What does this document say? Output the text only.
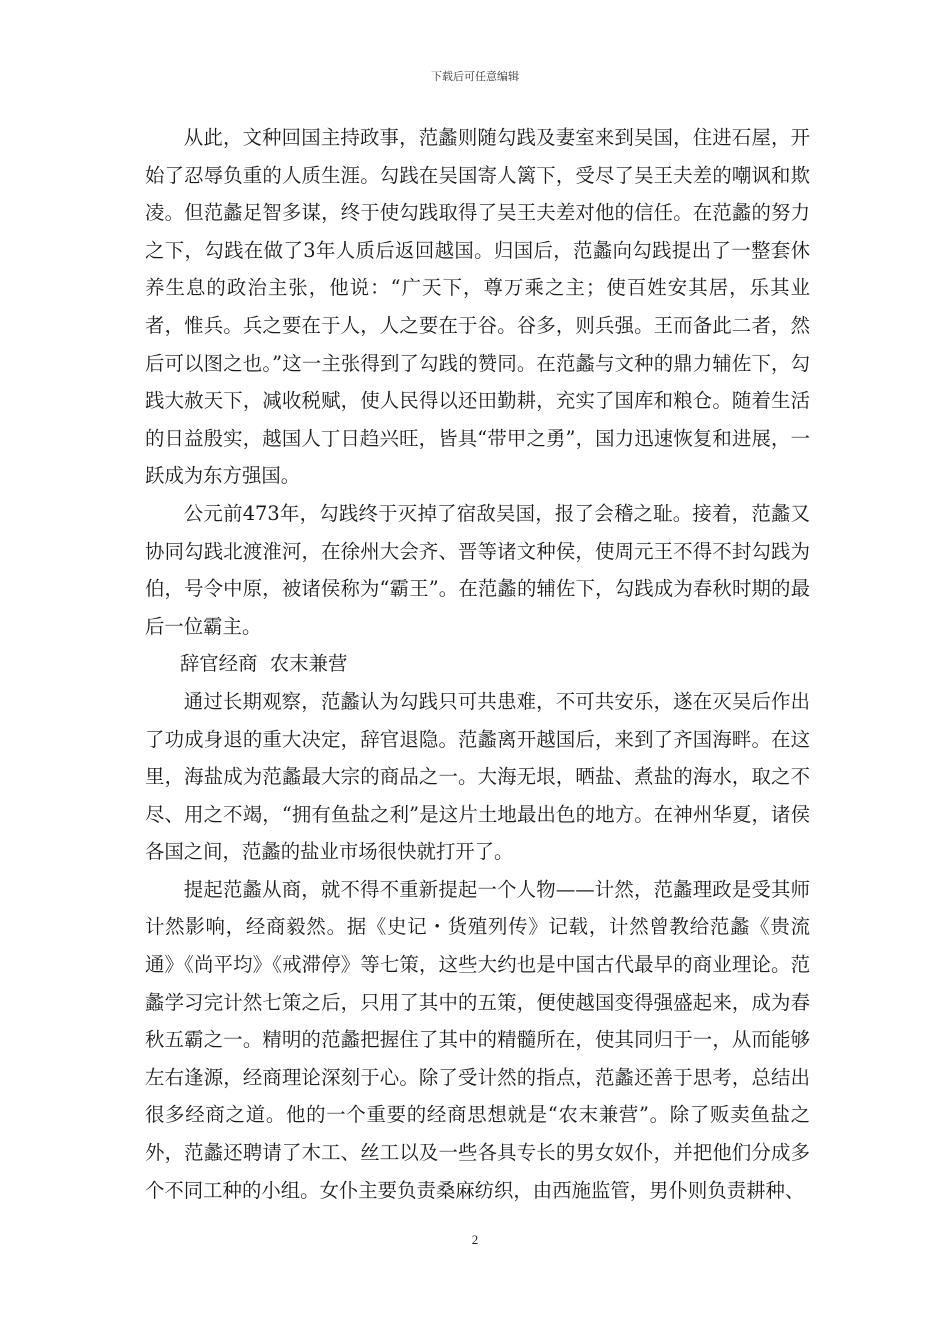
下载后可任意编辑

从此，文种回国主持政事，范蠡则随勾践及妻室来到吴国，住进石屋，开始了忍辱负重的人质生涯。勾践在吴国寄人篱下，受尽了吴王夫差的嘲讽和欺凌。但范蠡足智多谋，终于使勾践取得了吴王夫差对他的信任。在范蠡的努力之下，勾践在做了3年人质后返回越国。归国后，范蠡向勾践提出了一整套休养生息的政治主张，他说：“广天下，尊万乘之主；使百姓安其居，乐其业者，惟兵。兵之要在于人，人之要在于谷。谷多，则兵强。王而备此二者，然后可以图之也。”这一主张得到了勾践的赞同。在范蠡与文种的鼎力辅佐下，勾践大赦天下，减收税赋，使人民得以还田勤耕，充实了国库和粮仓。随着生活的日益殷实，越国人丁日趋兴旺，皆具“带甲之勇”，国力迅速恢复和进展，一跃成为东方强国。

公元前473年，勾践终于灭掉了宿敌吴国，报了会稽之耻。接着，范蠡又协同勾践北渡淮河，在徐州大会齐、晋等诸文种侯，使周元王不得不封勾践为伯，号令中原，被诸侯称为“霸王”。在范蠡的辅佐下，勾践成为春秋时期的最后一位霸主。

辞官经商  农末兼营

通过长期观察，范蠡认为勾践只可共患难，不可共安乐，遂在灭吴后作出了功成身退的重大决定，辞官退隐。范蠡离开越国后，来到了齐国海畔。在这里，海盐成为范蠡最大宗的商品之一。大海无垠，晒盐、煮盐的海水，取之不尽、用之不竭，“拥有鱼盐之利”是这片土地最出色的地方。在神州华夏，诸侯各国之间，范蠡的盐业市场很快就打开了。

提起范蠡从商，就不得不重新提起一个人物——计然，范蠡理政是受其师计然影响，经商毅然。据《史记・货殖列传》记载，计然曾教给范蠡《贵流通》《尚平均》《戒滞停》等七策，这些大约也是中国古代最早的商业理论。范蠡学习完计然七策之后，只用了其中的五策，便使越国变得强盛起来，成为春秋五霸之一。精明的范蠡把握住了其中的精髓所在，使其同归于一，从而能够左右逢源，经商理论深刻于心。除了受计然的指点，范蠡还善于思考，总结出很多经商之道。他的一个重要的经商思想就是“农末兼营”。除了贩卖鱼盐之外，范蠡还聘请了木工、丝工以及一些各具专长的男女奴仆，并把他们分成多个不同工种的小组。女仆主要负责桑麻纺织，由西施监管，男仆则负责耕种、

2
